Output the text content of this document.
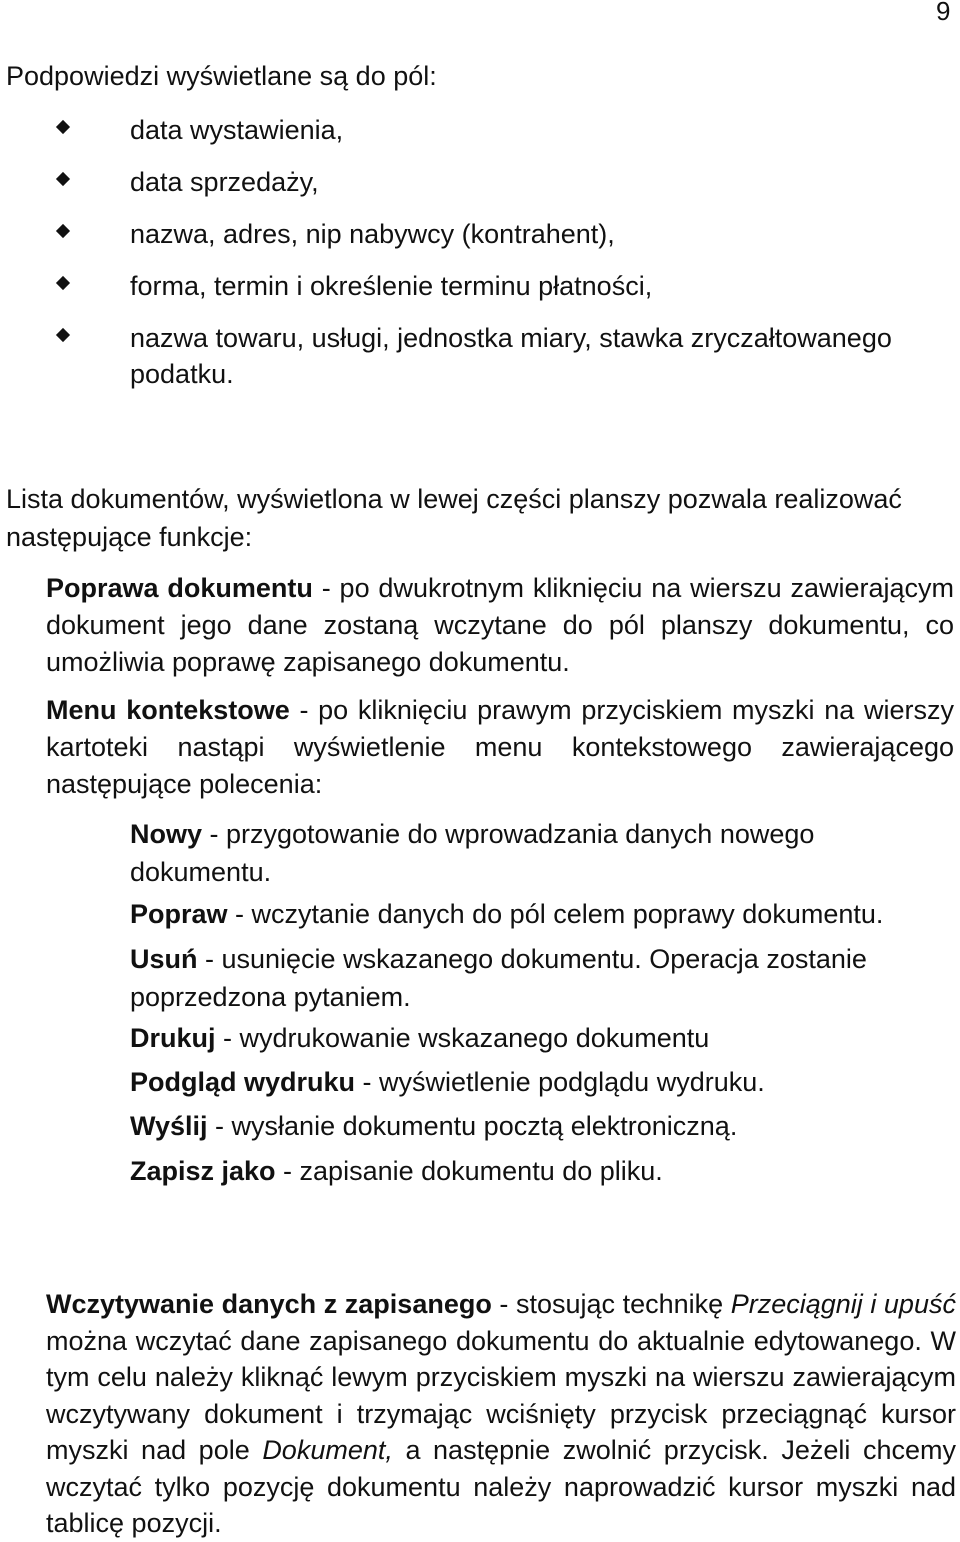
9
Podpowiedzi wyświetlane są do pól:
data wystawienia,
data sprzedaży,
nazwa, adres, nip nabywcy (kontrahent),
forma, termin i określenie terminu płatności,
nazwa towaru, usługi, jednostka miary, stawka zryczałtowanego podatku.
Lista dokumentów, wyświetlona w lewej części planszy pozwala realizować następujące funkcje:
Poprawa dokumentu - po dwukrotnym kliknięciu na wierszu zawierającym dokument jego dane zostaną wczytane do pól planszy dokumentu, co umożliwia poprawę zapisanego dokumentu.
Menu kontekstowe - po kliknięciu prawym przyciskiem myszki na wierszy kartoteki nastąpi wyświetlenie menu kontekstowego zawierającego następujące polecenia:
Nowy - przygotowanie do wprowadzania danych nowego dokumentu.
Popraw - wczytanie danych do pól celem poprawy dokumentu.
Usuń - usunięcie wskazanego dokumentu. Operacja zostanie poprzedzona pytaniem.
Drukuj - wydrukowanie wskazanego dokumentu
Podgląd wydruku - wyświetlenie podglądu wydruku.
Wyślij - wysłanie dokumentu pocztą elektroniczną.
Zapisz jako - zapisanie dokumentu do pliku.
Wczytywanie danych z zapisanego - stosując technikę Przeciągnij i upuść można wczytać dane zapisanego dokumentu do aktualnie edytowanego. W tym celu należy kliknąć lewym przyciskiem myszki na wierszu zawierającym wczytywany dokument i trzymając wciśnięty przycisk przeciągnąć kursor myszki nad pole Dokument, a następnie zwolnić przycisk. Jeżeli chcemy wczytać tylko pozycję dokumentu należy naprowadzić kursor myszki nad tablicę pozycji.
